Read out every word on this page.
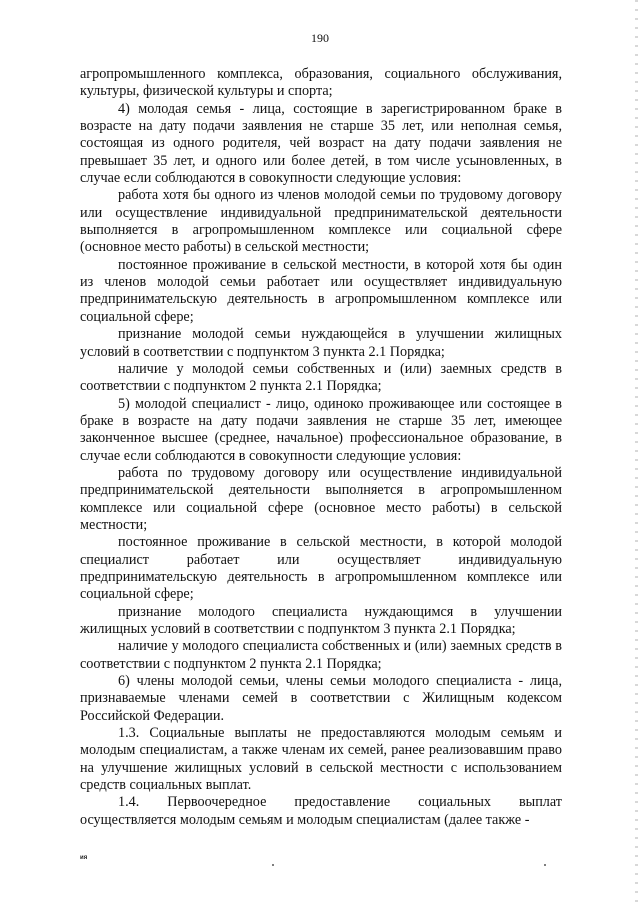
190

агропромышленного комплекса, образования, социального обслуживания, культуры, физической культуры и спорта;

4) молодая семья - лица, состоящие в зарегистрированном браке в возрасте на дату подачи заявления не старше 35 лет, или неполная семья, состоящая из одного родителя, чей возраст на дату подачи заявления не превышает 35 лет, и одного или более детей, в том числе усыновленных, в случае если соблюдаются в совокупности следующие условия:

работа хотя бы одного из членов молодой семьи по трудовому договору или осуществление индивидуальной предпринимательской деятельности выполняется в агропромышленном комплексе или социальной сфере (основное место работы) в сельской местности;

постоянное проживание в сельской местности, в которой хотя бы один из членов молодой семьи работает или осуществляет индивидуальную предпринимательскую деятельность в агропромышленном комплексе или социальной сфере;

признание молодой семьи нуждающейся в улучшении жилищных условий в соответствии с подпунктом 3 пункта 2.1 Порядка;

наличие у молодой семьи собственных и (или) заемных средств в соответствии с подпунктом 2 пункта 2.1 Порядка;

5) молодой специалист - лицо, одиноко проживающее или состоящее в браке в возрасте на дату подачи заявления не старше 35 лет, имеющее законченное высшее (среднее, начальное) профессиональное образование, в случае если соблюдаются в совокупности следующие условия:

работа по трудовому договору или осуществление индивидуальной предпринимательской деятельности выполняется в агропромышленном комплексе или социальной сфере (основное место работы) в сельской местности;

постоянное проживание в сельской местности, в которой молодой специалист работает или осуществляет индивидуальную предпринимательскую деятельность в агропромышленном комплексе или социальной сфере;

признание молодого специалиста нуждающимся в улучшении жилищных условий в соответствии с подпунктом 3 пункта 2.1 Порядка;

наличие у молодого специалиста собственных и (или) заемных средств в соответствии с подпунктом 2 пункта 2.1 Порядка;

6) члены молодой семьи, члены семьи молодого специалиста - лица, признаваемые членами семей в соответствии с Жилищным кодексом Российской Федерации.

1.3. Социальные выплаты не предоставляются молодым семьям и молодым специалистам, а также членам их семей, ранее реализовавшим право на улучшение жилищных условий в сельской местности с использованием средств социальных выплат.

1.4. Первоочередное предоставление социальных выплат осуществляется молодым семьям и молодым специалистам (далее также -

ия
